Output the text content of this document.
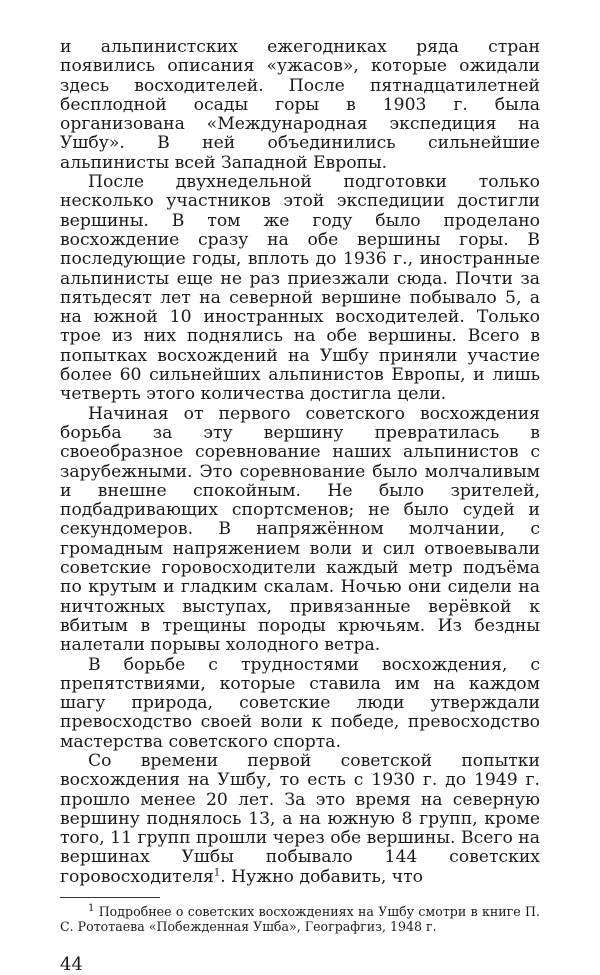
и альпинистских ежегодниках ряда стран появились описания «ужасов», которые ожидали здесь восходителей. После пятнадцатилетней бесплодной осады горы в 1903 г. была организована «Международная экспедиция на Ушбу». В ней объединились сильнейшие альпинисты всей Западной Европы.

После двухнедельной подготовки только несколько участников этой экспедиции достигли вершины. В том же году было проделано восхождение сразу на обе вершины горы. В последующие годы, вплоть до 1936 г., иностранные альпинисты еще не раз приезжали сюда. Почти за пятьдесят лет на северной вершине побывало 5, а на южной 10 иностранных восходителей. Только трое из них поднялись на обе вершины. Всего в попытках восхождений на Ушбу приняли участие более 60 сильнейших альпинистов Европы, и лишь четверть этого количества достигла цели.

Начиная от первого советского восхождения борьба за эту вершину превратилась в своеобразное соревнование наших альпинистов с зарубежными. Это соревнование было молчаливым и внешне спокойным. Не было зрителей, подбадривающих спортсменов; не было судей и секундомеров. В напряжённом молчании, с громадным напряжением воли и сил отвоевывали советские горовосходители каждый метр подъёма по крутым и гладким скалам. Ночью они сидели на ничтожных выступах, привязанные верёвкой к вбитым в трещины породы крючьям. Из бездны налетали порывы холодного ветра.

В борьбе с трудностями восхождения, с препятствиями, которые ставила им на каждом шагу природа, советские люди утверждали превосходство своей воли к победе, превосходство мастерства советского спорта.

Со времени первой советской попытки восхождения на Ушбу, то есть с 1930 г. до 1949 г. прошло менее 20 лет. За это время на северную вершину поднялось 13, а на южную 8 групп, кроме того, 11 групп прошли через обе вершины. Всего на вершинах Ушбы побывало 144 советских горовосходителя$^1$. Нужно добавить, что

$^1$ Подробнее о советских восхождениях на Ушбу смотри в книге П. С. Рототаева «Побежденная Ушба», Географгиз, 1948 г.

44
